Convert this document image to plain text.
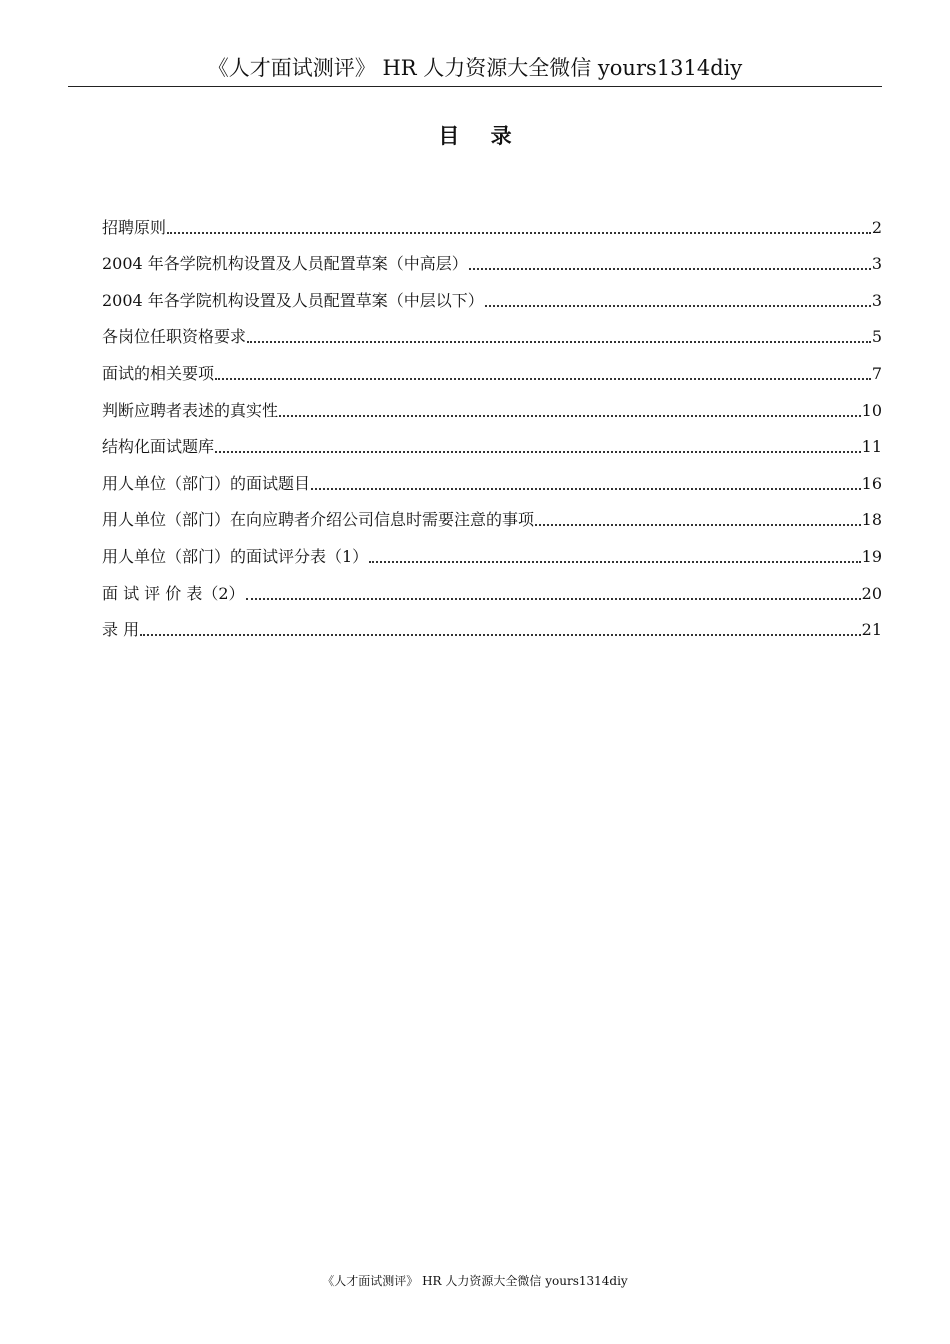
《人才面试测评》 HR 人力资源大全微信 yours1314diy
目 录
招聘原则	2
2004 年各学院机构设置及人员配置草案（中高层）	3
2004 年各学院机构设置及人员配置草案（中层以下）	3
各岗位任职资格要求	5
面试的相关要项	7
判断应聘者表述的真实性	10
结构化面试题库	11
用人单位（部门）的面试题目	16
用人单位（部门）在向应聘者介绍公司信息时需要注意的事项	18
用人单位（部门）的面试评分表（1）	19
面 试 评 价 表（2）	20
录 用	21
《人才面试测评》 HR 人力资源大全微信 yours1314diy
